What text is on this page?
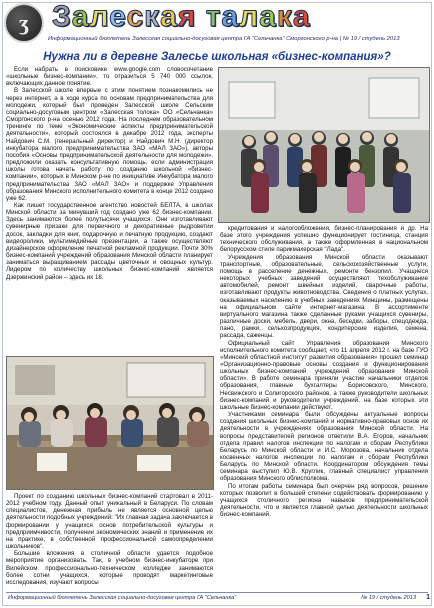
ʒ Залеская талака
Информационный бюллетень Залесская социально-досуговая центра ГА "Сельчанка" Сморгонского р-на | № 19 / студень 2013
Нужна ли в деревне Залесье школьная «бизнес-компания»?

Если набрать в поисковике www.google.com словосочетание «школьные бизнес-компании», то отразиться 5 740 000 ссылок, включающих данное понятие.

В Залесской школе впервые с этим понятием познакомились не через интернет, а в ходе курса по основам предпринимательства для молодежи, который был проведен Залесской школе Сельским социально-досуговым центром «Залесская толока» ОО «Сельчанка» Сморгонского р-на осенью 2012 года. На последнем образовательном тренинге по теме «Экономические аспекты предпринимательской деятельности», который состоялся в декабре 2012 года, эксперты Найдович С.М. (генеральный директор) и Найдович М.Н. (директор инкубатора малого предпринимательства ЗАО «МАЛ ЗАО»), авторы пособия «Основы предпринимательской деятельности для молодежи», предложили оказать консультативную помощь, если администрация школы готова начать работу по созданию школьной «бизнес-компании», которых в Минском р-не по инициативе Инкубатора малого предпринимательства ЗАО «МАЛ ЗАО» и поддержке Управления образования Минского исполнительного комитета в конце 2012 создано уже 62.

Как пишет государственное агентство новостей БЕЛТА, в школах Минской области за минувший год создано уже 62 бизнес-компании. Здесь занимаются более полутысячи учащихся. Они изготавливают сувенирные призаки для первичного и декоративные рыдроветии досок, закладки для книг, подарочную и печатную продукцию, создают видеоролики, мультимедийные презентации, а также осуществляют дизайнерское оформление печатной рекламной продукции. Почти 30% бизнес-компаний учреждений образования Минской области планирует заниматься выращиванием рассады цветочных и овощных культур. Лидером по количеству школьных бизнес-компаний является Дзержинский район – здесь их 18.

кредитования и налогообложения, бизнес-планирования и др. На базе этого учреждения успешно функционирует гостиница, станция технического обслуживания, а также оформленная в национальном белорусском стиле парикмахерская "Лада".

Учреждения образования Минской области оказывают транспортные, образовательные, сельскохозяйственные услуги, помощь в расселение денежных, ремонте бензопил. Учащиеся некоторых учебных заведений осуществляют техобслуживание автомобилей, ремонт швейных изделий, сварочные работы, изготавливают продукты животноводства. Сведения о платных услугах, оказываемых населению в учебных заведениях Минщины, размещены на официальном сайте интернет-магазина. В ассортименте виртуального магазина также сделанные руками учащихся сувениры, различные доски, мебель, двери, окна, беседки, заборы, спецодежда, пано, рамки, сельхозпродукция, кондитерские изделия, семена, рассада, саженцы.

Официальный сайт Управления образования Минского исполнительного комитета сообщает, что 11 апреля 2012 г. на базе ГУО «Минский областной институт развития образования» прошел семинар «Организационно-правовые основы создания и функционирования школьных бизнес-компаний учреждений образования Минской области». В работе семинара приняли участие начальники отделов образования, главные бухгалтеры Борисовского, Минского, Несвижского и Солигорского районов, а также руководители школьных бизнес-компаний и руководители учреждений, на базе которых эти школьные бизнес-компании действуют.

Участниками семинара были обсуждены актуальные вопросы создания школьных бизнес-компаний и нормативно-правовых основ их деятельности в учреждениях образования Минской области. На вопросы представителей регионов ответили В.А. Егоров, начальник отдела правил налогов инспекции по налогам и сборам Республики Беларусь по Минской области и И.С. Морозова, начальник отдела косвенных налогов инспекции по налогам и сборам Республики Беларусь по Минской области. Координатором обсуждения темы семинара выступил Ю.В. Круглик, главный специалист управления образования Минского облисполкома.

По итогам работы семинара был очерчен ряд вопросов, решение которых позволит в большей степени содействовать формированию у учащихся столичного региона навыков предпринимательской деятельности, что и является главной целью деятельности школьных бизнес-компаний.

Проект по созданию школьных бизнес-компаний стартовал в 2011-2012 учебном году. Данный опыт уникальный в Беларуси. По словам специалистов, денежная прибыль не является основной целью деятельности подобных учреждений: "Их главная задача заключается в формировании у учащихся основ потребительской культуры и предприимчивости, получении экономических знаний и применение их на практике, в собственной профессиональной самоопределении школьников".

Большие вложения в столичной области удается подобное мероприятие организовать. Так, в учебном бизнес-инкубаторе при Вилейском профессионально-техническом колледже занимаются более сотни учащихся, которые проводят маркетинговые исследования, изучают вопросы

Информационный бюллетень Залесская социально-досуговая центра ГА "Сельчанка"	№ 19 / студень 2013 1
